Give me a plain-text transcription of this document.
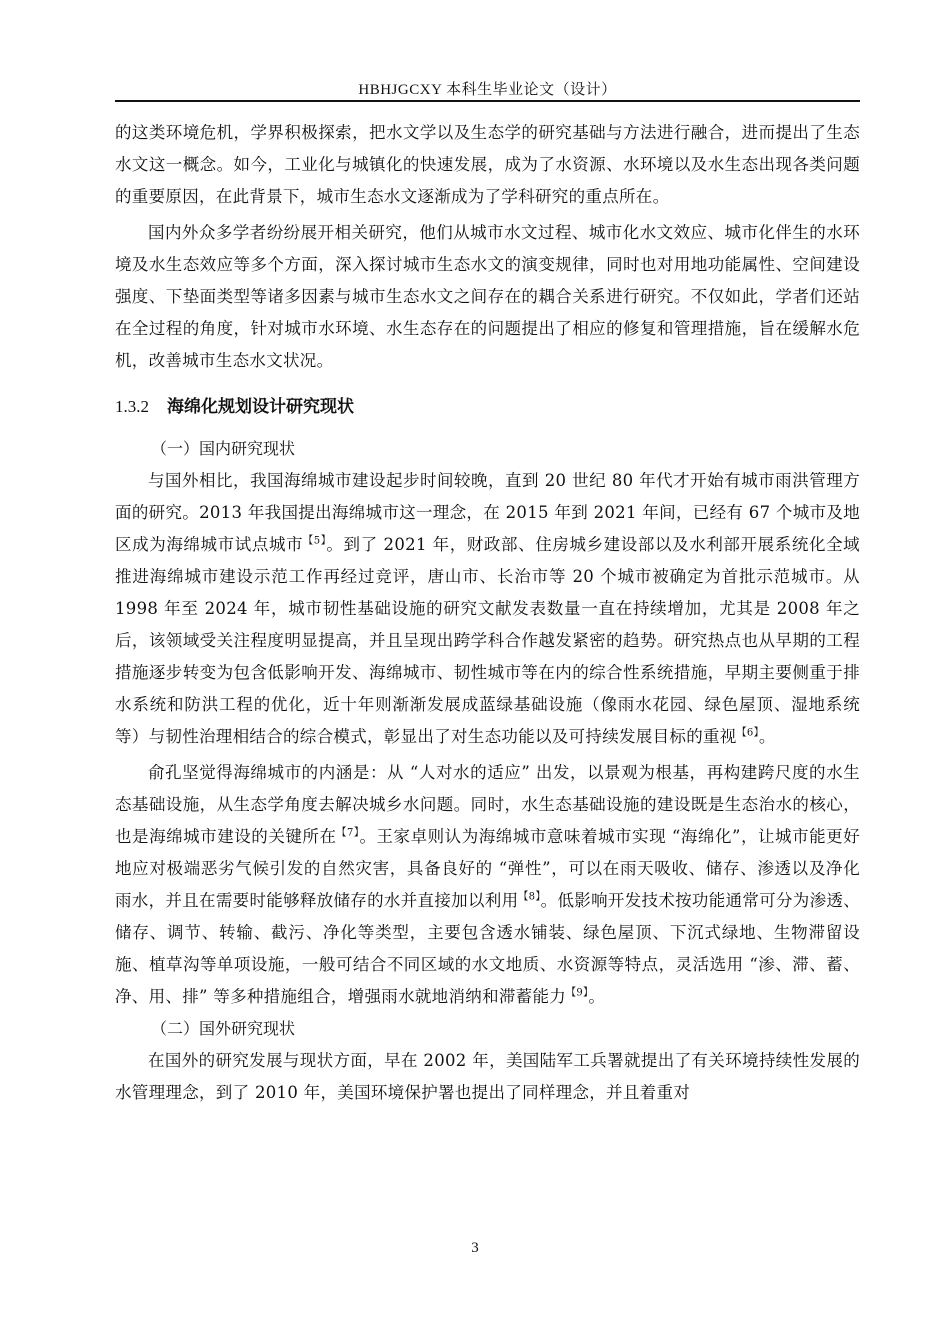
HBHJGCXY 本科生毕业论文（设计）

的这类环境危机，学界积极探索，把水文学以及生态学的研究基础与方法进行融合，进而提出了生态水文这一概念。如今，工业化与城镇化的快速发展，成为了水资源、水环境以及水生态出现各类问题的重要原因，在此背景下，城市生态水文逐渐成为了学科研究的重点所在。

国内外众多学者纷纷展开相关研究，他们从城市水文过程、城市化水文效应、城市化伴生的水环境及水生态效应等多个方面，深入探讨城市生态水文的演变规律，同时也对用地功能属性、空间建设强度、下垫面类型等诸多因素与城市生态水文之间存在的耦合关系进行研究。不仅如此，学者们还站在全过程的角度，针对城市水环境、水生态存在的问题提出了相应的修复和管理措施，旨在缓解水危机，改善城市生态水文状况。

1.3.2 海绵化规划设计研究现状

（一）国内研究现状

与国外相比，我国海绵城市建设起步时间较晚，直到 20 世纪 80 年代才开始有城市雨洪管理方面的研究。2013 年我国提出海绵城市这一理念，在 2015 年到 2021 年间，已经有 67 个城市及地区成为海绵城市试点城市$^{【5】}$。到了 2021 年，财政部、住房城乡建设部以及水利部开展系统化全域推进海绵城市建设示范工作再经过竞评，唐山市、长治市等 20 个城市被确定为首批示范城市。从 1998 年至 2024 年，城市韧性基础设施的研究文献发表数量一直在持续增加，尤其是 2008 年之后，该领域受关注程度明显提高，并且呈现出跨学科合作越发紧密的趋势。研究热点也从早期的工程措施逐步转变为包含低影响开发、海绵城市、韧性城市等在内的综合性系统措施，早期主要侧重于排水系统和防洪工程的优化，近十年则渐渐发展成蓝绿基础设施（像雨水花园、绿色屋顶、湿地系统等）与韧性治理相结合的综合模式，彰显出了对生态功能以及可持续发展目标的重视$^{【6】}$。

俞孔坚觉得海绵城市的内涵是：从 “人对水的适应” 出发，以景观为根基，再构建跨尺度的水生态基础设施，从生态学角度去解决城乡水问题。同时，水生态基础设施的建设既是生态治水的核心，也是海绵城市建设的关键所在$^{【7】}$。王家卓则认为海绵城市意味着城市实现 “海绵化”，让城市能更好地应对极端恶劣气候引发的自然灾害，具备良好的 “弹性”，可以在雨天吸收、储存、渗透以及净化雨水，并且在需要时能够释放储存的水并直接加以利用$^{【8】}$。低影响开发技术按功能通常可分为渗透、储存、调节、转输、截污、净化等类型，主要包含透水铺装、绿色屋顶、下沉式绿地、生物滞留设施、植草沟等单项设施，一般可结合不同区域的水文地质、水资源等特点，灵活选用 “渗、滞、蓄、净、用、排” 等多种措施组合，增强雨水就地消纳和滞蓄能力$^{【9】}$。

（二）国外研究现状

在国外的研究发展与现状方面，早在 2002 年，美国陆军工兵署就提出了有关环境持续性发展的水管理理念，到了 2010 年，美国环境保护署也提出了同样理念，并且着重对

3
